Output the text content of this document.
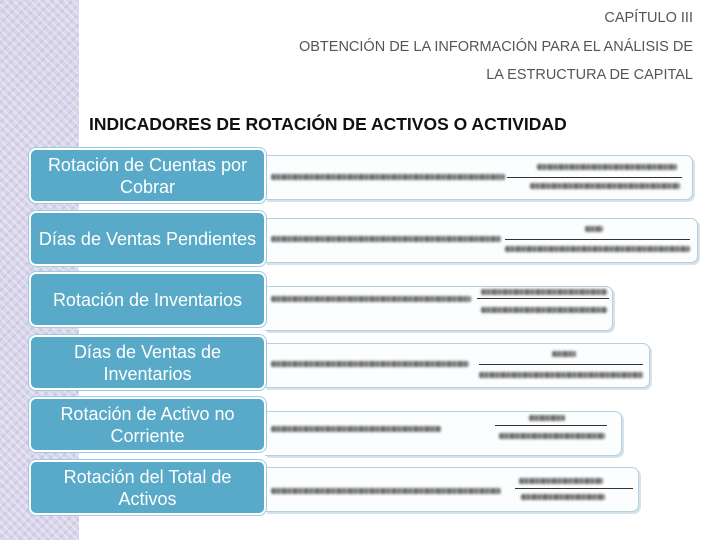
CAPÍTULO III
OBTENCIÓN DE LA INFORMACIÓN PARA EL ANÁLISIS DE
LA ESTRUCTURA DE CAPITAL
INDICADORES DE ROTACIÓN DE ACTIVOS O ACTIVIDAD
Rotación de Cuentas por Cobrar
Días de Ventas Pendientes
Rotación de Inventarios
Días de Ventas de Inventarios
Rotación de Activo no Corriente
Rotación del Total de Activos
